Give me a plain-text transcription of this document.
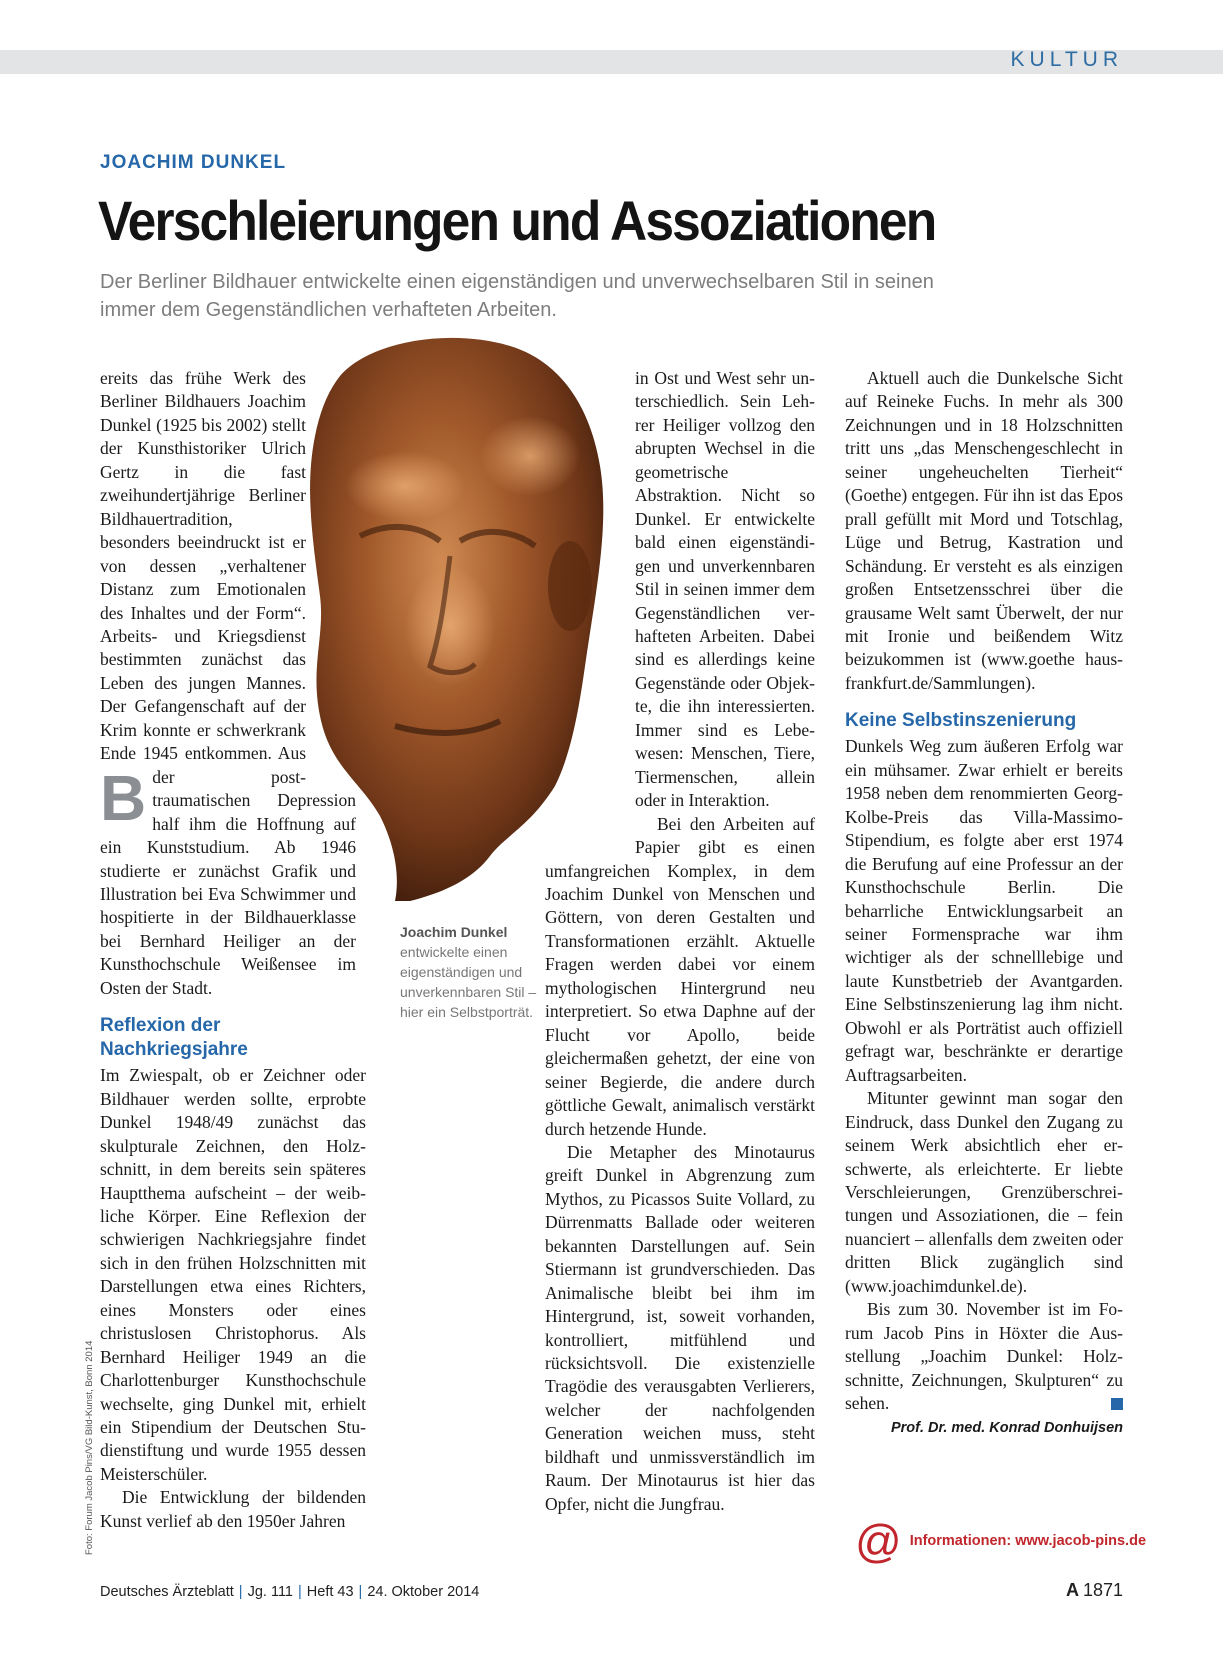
KULTUR
JOACHIM DUNKEL
Verschleierungen und Assoziationen
Der Berliner Bildhauer entwickelte einen eigenständigen und unverwechselbaren Stil in seinen immer dem Gegenständlichen verhafteten Arbeiten.
B

ereits das frühe Werk des Berliner Bildhauers Joachim Dunkel (1925 bis 2002) stellt der Kunsthistoriker Ulrich Gertz in die fast zweihundertjährige Berliner Bildhauertradition, besonders beeindruckt ist er von dessen „verhaltener Distanz zum Emotionalen des Inhaltes und der Form“. Arbeits- und Kriegsdienst bestimmten zunächst das Leben des jungen Mannes. Der Gefangenschaft auf der Krim konnte er schwerkrank Ende 1945 entkommen. Aus der posttraumatischen Depression half ihm die Hoffnung auf ein Kunststudium. Ab 1946 studierte er zunächst Grafik und Illustration bei Eva Schwimmer und hospitierte in der Bildhauerklasse bei Bernhard Heiliger an der Kunsthochschule Weißensee im Osten der Stadt.

Reflexion der Nachkriegsjahre

Im Zwiespalt, ob er Zeichner oder Bildhauer werden sollte, erprobte Dunkel 1948/49 zunächst das skulpturale Zeichnen, den Holzschnitt, in dem bereits sein späteres Hauptthema aufscheint – der weibliche Körper. Eine Reflexion der schwierigen Nachkriegsjahre findet sich in den frühen Holzschnitten mit Darstellungen etwa eines Richters, eines Monsters oder eines christuslosen Christophorus. Als Bernhard Heiliger 1949 an die Charlottenburger Kunsthochschule wechselte, ging Dunkel mit, erhielt ein Stipendium der Deutschen Studienstiftung und wurde 1955 dessen Meisterschüler.

Die Entwicklung der bildenden Kunst verlief ab den 1950er Jahren

in Ost und West sehr unterschiedlich. Sein Lehrer Heiliger vollzog den abrupten Wechsel in die geometrische Abstraktion. Nicht so Dunkel. Er entwickelte bald einen eigenständigen und unverkennbaren Stil in seinen immer dem Gegenständlichen verhafteten Arbeiten. Dabei sind es allerdings keine Gegenstände oder Objekte, die ihn interessierten. Immer sind es Lebewesen: Menschen, Tiere, Tiermenschen, allein oder in Interaktion.

Bei den Arbeiten auf Papier gibt es einen umfangreichen Komplex, in dem Joachim Dunkel von Menschen und Göttern, von deren Gestalten und Transformationen erzählt. Aktuelle Fragen werden dabei vor einem mythologischen Hintergrund neu interpretiert. So etwa Daphne auf der Flucht vor Apollo, beide gleichermaßen gehetzt, der eine von seiner Begierde, die andere durch göttliche Gewalt, animalisch verstärkt durch hetzende Hunde.

Die Metapher des Minotaurus greift Dunkel in Abgrenzung zum Mythos, zu Picassos Suite Vollard, zu Dürrenmatts Ballade oder weiteren bekannten Darstellungen auf. Sein Stiermann ist grundverschieden. Das Animalische bleibt bei ihm im Hintergrund, ist, soweit vorhanden, kontrolliert, mitfühlend und rücksichtsvoll. Die existenzielle Tragödie des verausgabten Verlierers, welcher der nachfolgenden Generation weichen muss, steht bildhaft und unmissverständlich im Raum. Der Minotaurus ist hier das Opfer, nicht die Jungfrau.

Aktuell auch die Dunkelsche Sicht auf Reineke Fuchs. In mehr als 300 Zeichnungen und in 18 Holzschnitten tritt uns „das Menschengeschlecht in seiner ungeheuchelten Tierheit“ (Goethe) entgegen. Für ihn ist das Epos prall gefüllt mit Mord und Totschlag, Lüge und Betrug, Kastration und Schändung. Er versteht es als einzigen großen Entsetzensschrei über die grausame Welt samt Überwelt, der nur mit Ironie und beißendem Witz beizukommen ist (www.goethe haus-frankfurt.de/Sammlungen).

Keine Selbstinszenierung

Dunkels Weg zum äußeren Erfolg war ein mühsamer. Zwar erhielt er bereits 1958 neben dem renommierten Georg-Kolbe-Preis das Villa-Massimo-Stipendium, es folgte aber erst 1974 die Berufung auf eine Professur an der Kunsthochschule Berlin. Die beharrliche Entwicklungsarbeit an seiner Formensprache war ihm wichtiger als der schnelllebige und laute Kunstbetrieb der Avantgarden. Eine Selbstinszenierung lag ihm nicht. Obwohl er als Porträtist auch offiziell gefragt war, beschränkte er derartige Auftragsarbeiten.

Mitunter gewinnt man sogar den Eindruck, dass Dunkel den Zugang zu seinem Werk absichtlich eher erschwerte, als erleichterte. Er liebte Verschleierungen, Grenzüberschreitungen und Assoziationen, die – fein nuanciert – allenfalls dem zweiten oder dritten Blick zugänglich sind (www.joachimdunkel.de).

Bis zum 30. November ist im Forum Jacob Pins in Höxter die Ausstellung „Joachim Dunkel: Holzschnitte, Zeichnungen, Skulpturen“ zu sehen.

Prof. Dr. med. Konrad Donhuijsen
Joachim Dunkel
entwickelte einen eigenständigen und unverkennbaren Stil – hier ein Selbstporträt.
Foto: Forum Jacob Pins/VG Bild-Kunst, Bonn 2014	@ Informationen: www.jacob-pins.de
Deutsches Ärzteblatt | Jg. 111 | Heft 43 | 24. Oktober 2014	A 1871
